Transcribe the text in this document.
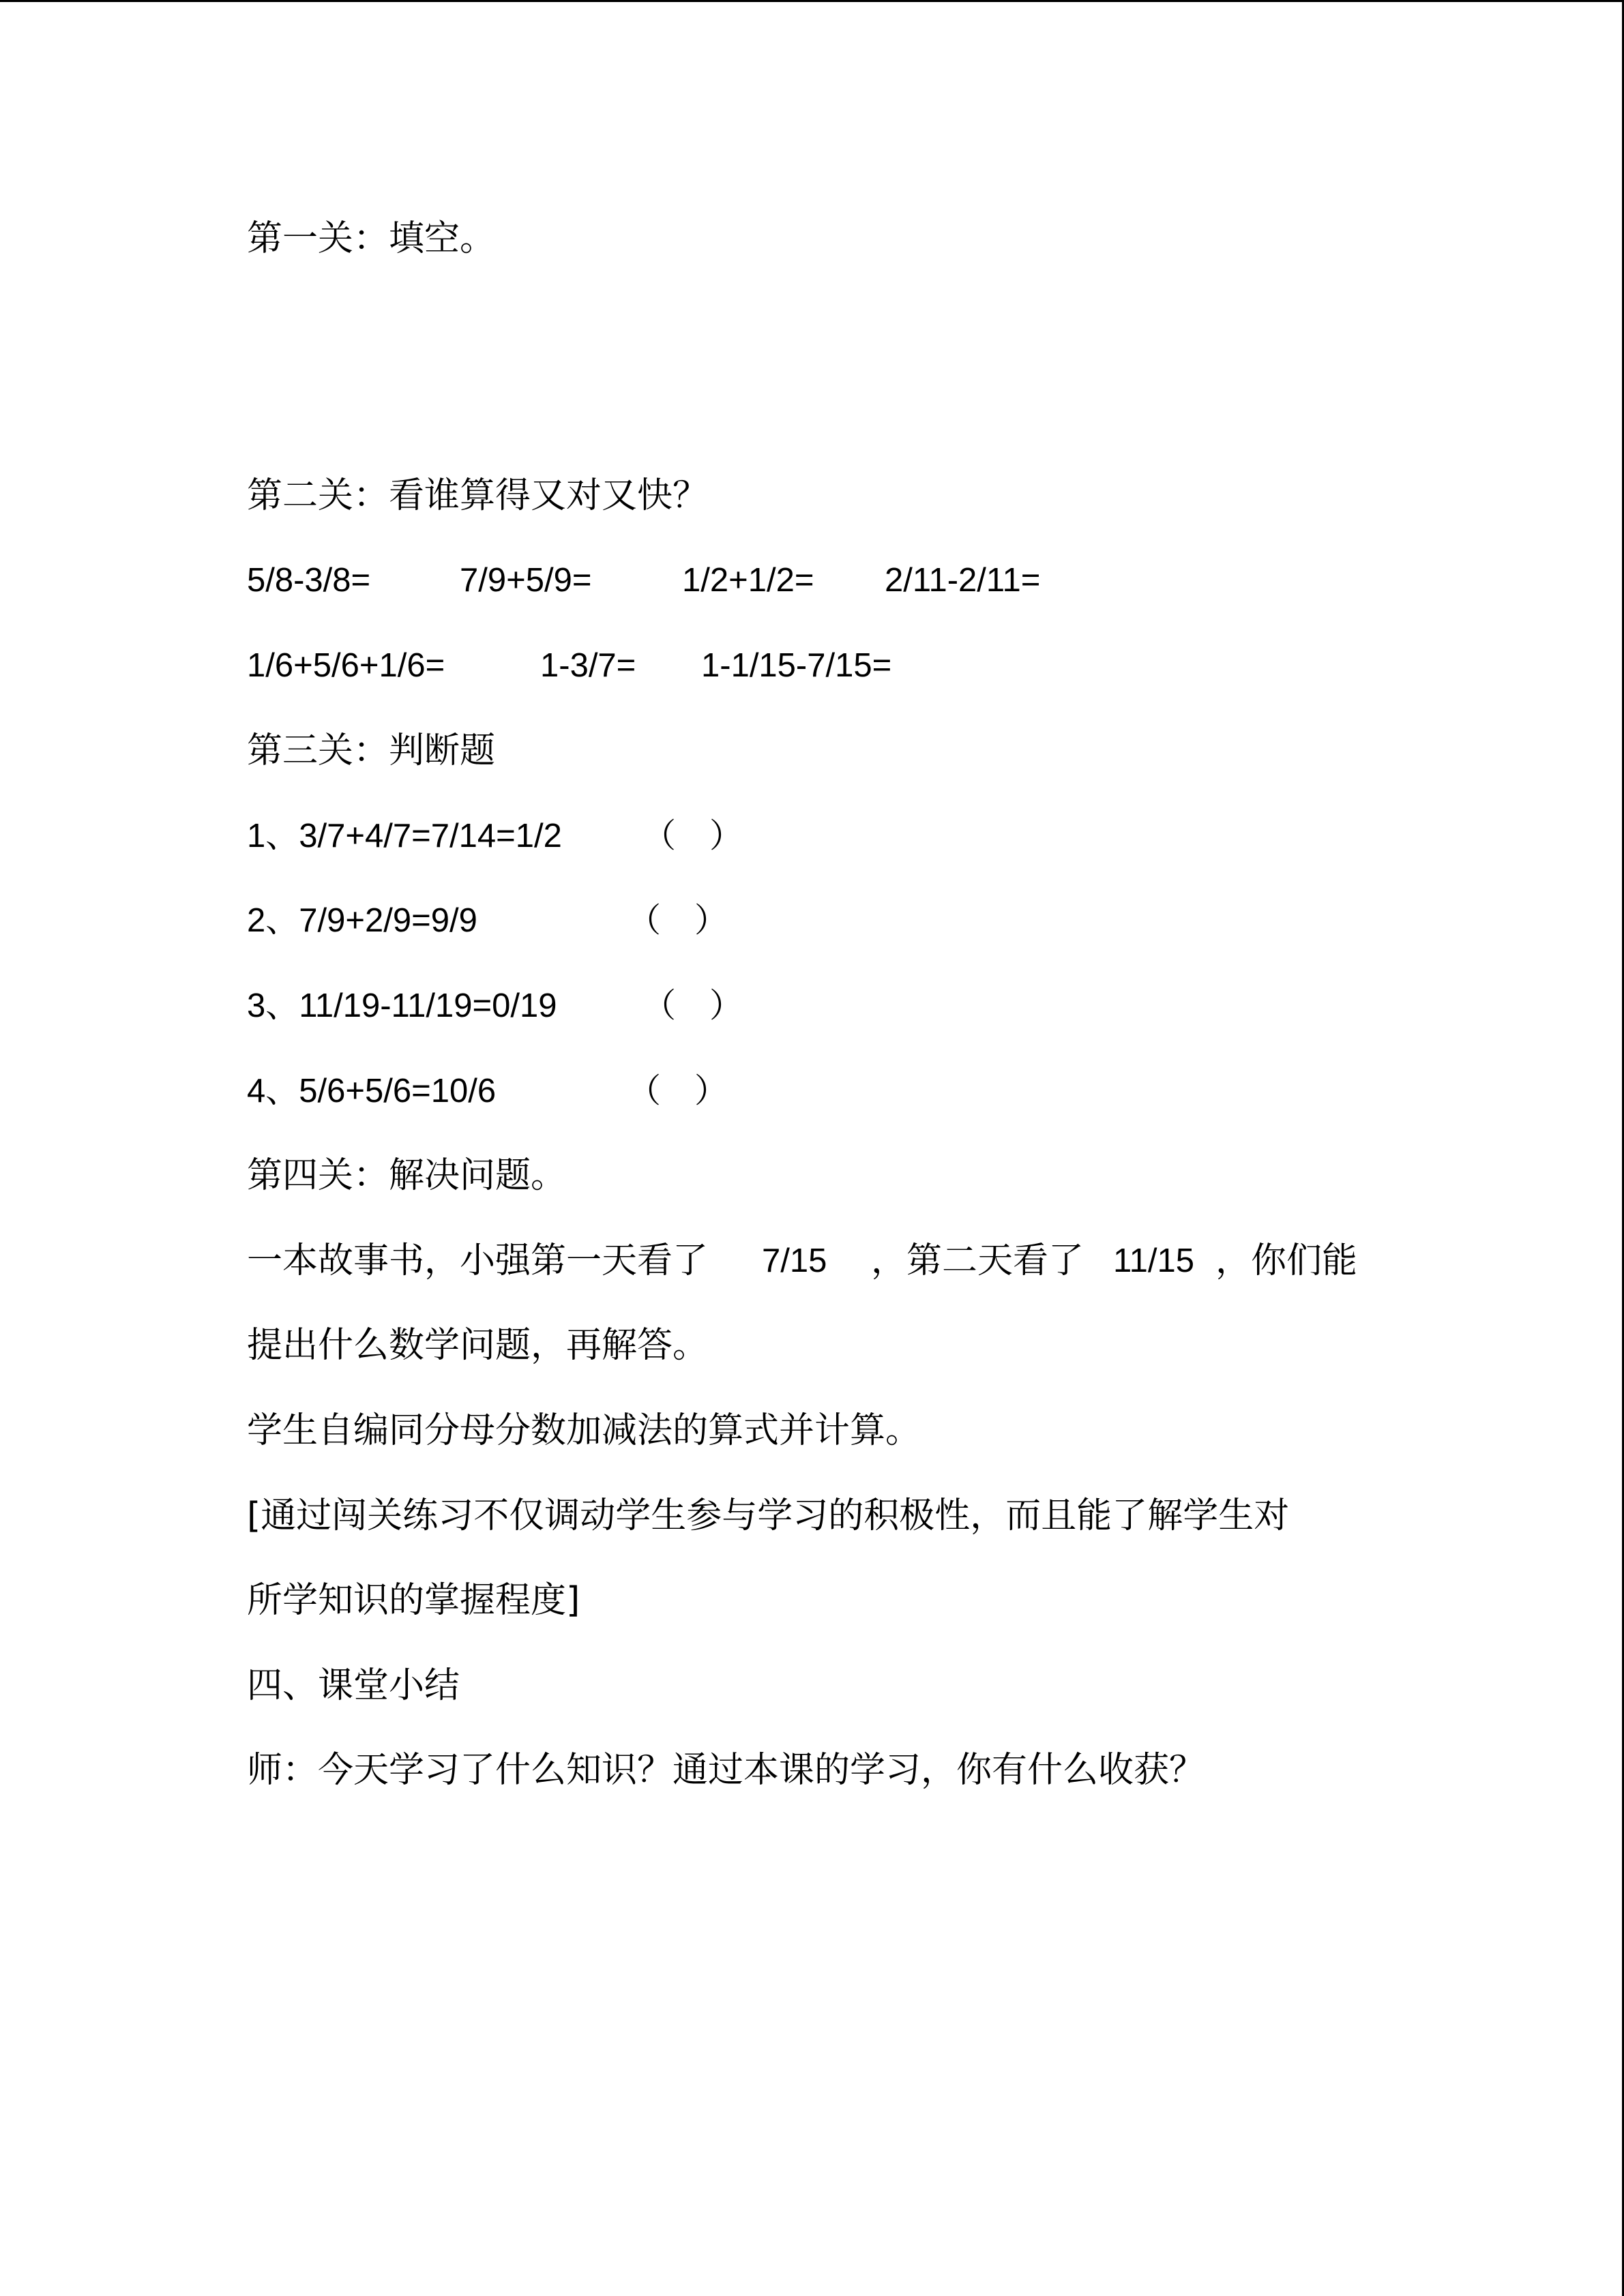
第一关：填空。
第二关：看谁算得又对又快？

5/8-3/8=

	7/9+5/9=

	1/2+1/2=

2/11-2/11=

1/6+5/6+1/6=

	1-3/7=

1-1/15-7/15=

第三关：判断题

1、3/7+4/7=7/14=1/2

（　）

2、7/9+2/9=9/9

	（　）

3、11/19-11/19=0/19

	（　）

4、5/6+5/6=10/6

	（　）

第四关：解决问题。

一本故事书，小强第一天看了

7/15

，第二天看了

11/15

，你们能

提出什么数学问题，再解答。
学生自编同分母分数加减法的算式并计算。
[通过闯关练习不仅调动学生参与学习的积极性，而且能了解学生对
所学知识的掌握程度]
四、课堂小结
师：今天学习了什么知识？通过本课的学习，你有什么收获？
